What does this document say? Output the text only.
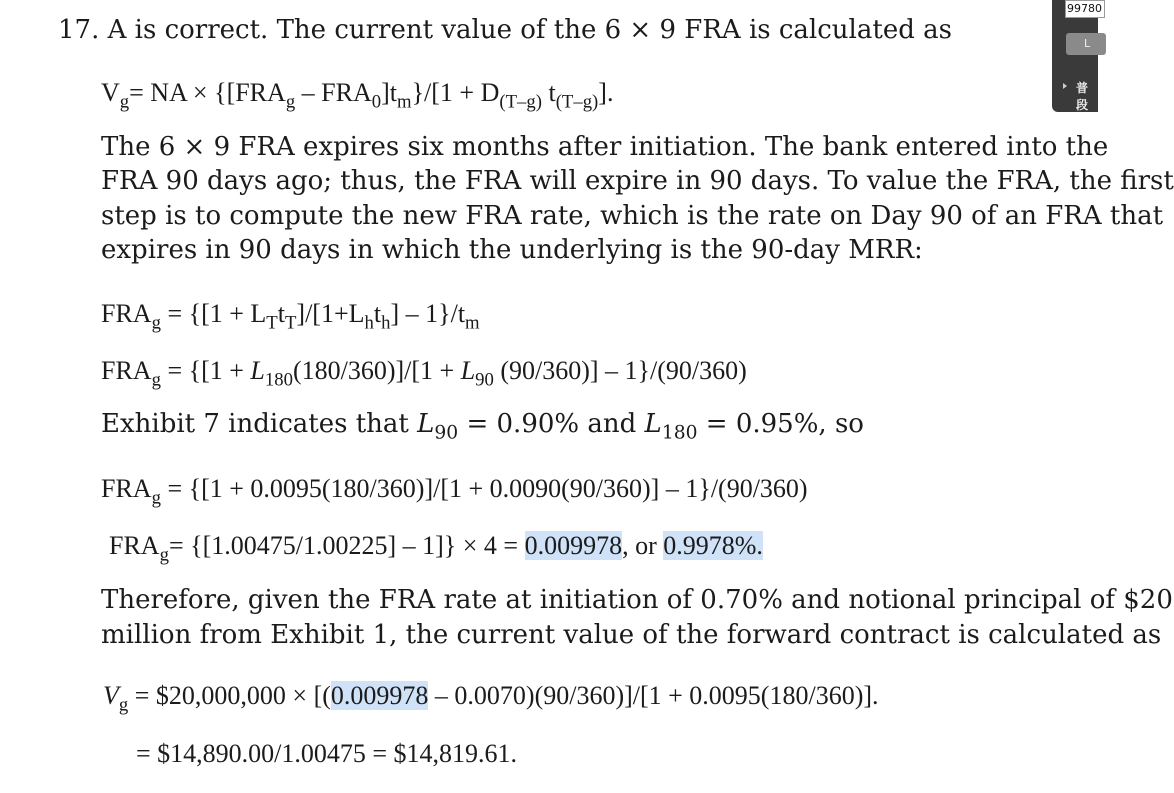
17. A is correct. The current value of the 6 × 9 FRA is calculated as
$V_g=$ NA × $\{[FRA_g - FRA_0]t_m\}/[1 + D_{(T-g)}$ $t_{(T-g)}$].
The 6 × 9 FRA expires six months after initiation. The bank entered into the
FRA 90 days ago; thus, the FRA will expire in 90 days. To value the FRA, the first
step is to compute the new FRA rate, which is the rate on Day 90 of an FRA that
expires in 90 days in which the underlying is the 90-day MRR:
$FRA_g = \{[1 + L_Tt_T]/[1+L_ht_h] - 1\}/t_m$
$FRA_g = \{[1 + L_{180}(180/360)]/[1 + L_{90}$ (90/360)] – 1}/(90/360)
Exhibit 7 indicates that $L_{90} = 0.90\%$ and $L_{180} = 0.95\%$, so
$FRA_g = \{[1 + 0.0095(180/360)]/[1 + 0.0090(90/360)] - 1\}/(90/360)$
$FRA_g= \{[1.00475/1.00225] - 1]\} \times 4 = 0.009978$, or 0.9978%.
Therefore, given the FRA rate at initiation of 0.70% and notional principal of $20
million from Exhibit 1, the current value of the forward contract is calculated as
$V_g$ = $20,000,000 × [(0.009978 – 0.0070)(90/360)]/[1 + 0.0095(180/360)].
= $14,890.00/1.00475 = $14,819.61.
99780
L
普段
